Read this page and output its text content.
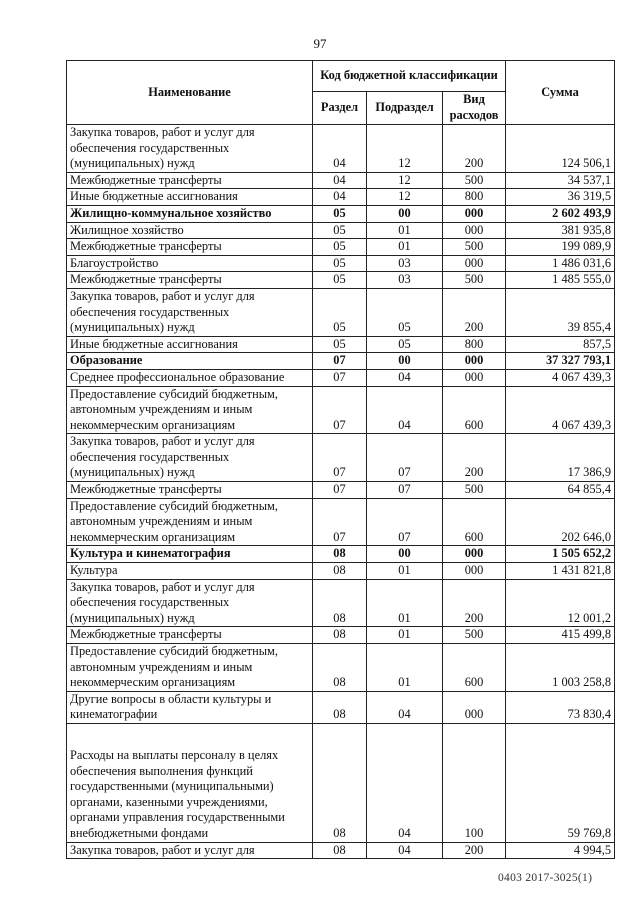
97
Наименование	Код бюджетной классификации			Сумма
	Раздел	Подраздел	Вид расходов	
Закупка товаров, работ и услуг для обеспечения государственных (муниципальных) нужд	04	12	200	124 506,1
Межбюджетные трансферты	04	12	500	34 537,1
Иные бюджетные ассигнования	04	12	800	36 319,5
Жилищно-коммунальное хозяйство	05	00	000	2 602 493,9
Жилищное хозяйство	05	01	000	381 935,8
Межбюджетные трансферты	05	01	500	199 089,9
Благоустройство	05	03	000	1 486 031,6
Межбюджетные трансферты	05	03	500	1 485 555,0
Закупка товаров, работ и услуг для обеспечения государственных (муниципальных) нужд	05	05	200	39 855,4
Иные бюджетные ассигнования	05	05	800	857,5
Образование	07	00	000	37 327 793,1
Среднее профессиональное образование	07	04	000	4 067 439,3
Предоставление субсидий бюджетным, автономным учреждениям и иным некоммерческим организациям	07	04	600	4 067 439,3
Закупка товаров, работ и услуг для обеспечения государственных (муниципальных) нужд	07	07	200	17 386,9
Межбюджетные трансферты	07	07	500	64 855,4
Предоставление субсидий бюджетным, автономным учреждениям и иным некоммерческим организациям	07	07	600	202 646,0
Культура и кинематография	08	00	000	1 505 652,2
Культура	08	01	000	1 431 821,8
Закупка товаров, работ и услуг для обеспечения государственных (муниципальных) нужд	08	01	200	12 001,2
Межбюджетные трансферты	08	01	500	415 499,8
Предоставление субсидий бюджетным, автономным учреждениям и иным некоммерческим организациям	08	01	600	1 003 258,8
Другие вопросы в области культуры и кинематографии	08	04	000	73 830,4
Расходы на выплаты персоналу в целях обеспечения выполнения функций государственными (муниципальными) органами, казенными учреждениями, органами управления государственными внебюджетными фондами	08	04	100	59 769,8
Закупка товаров, работ и услуг для	08	04	200	4 994,5
0403 2017-3025(1)
